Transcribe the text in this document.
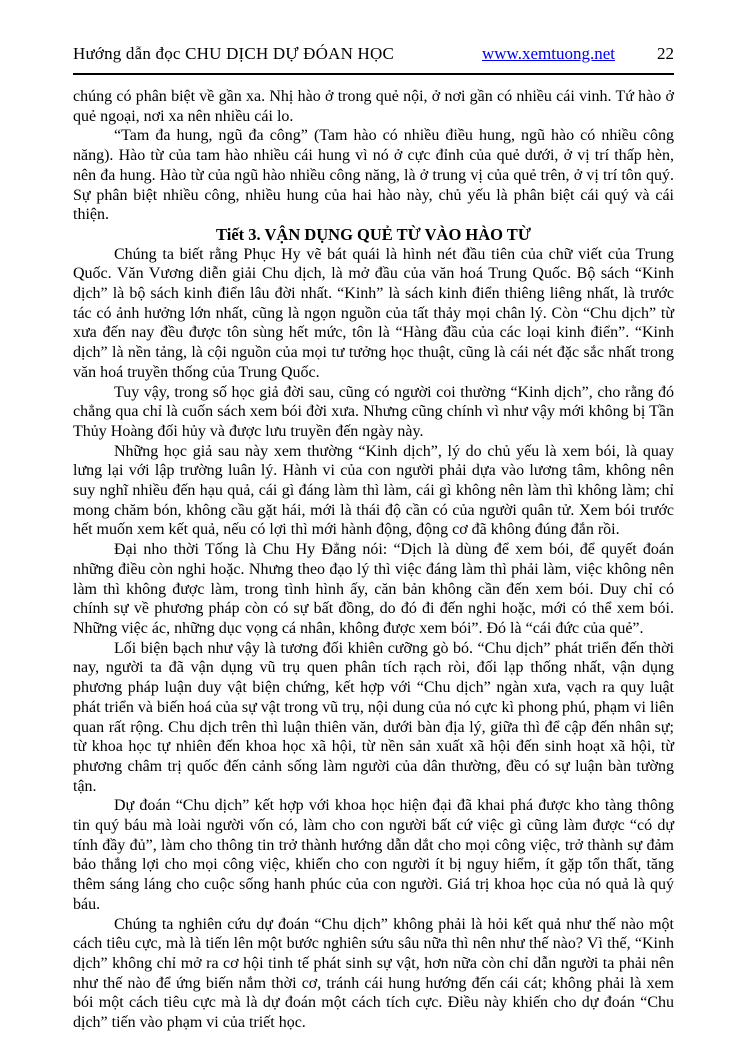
Hướng dẫn đọc CHU DỊCH DỰ ĐÓAN HỌC	www.xemtuong.net 22

chúng có phân biệt về gần xa. Nhị hào ở trong quẻ nội, ở nơi gần có nhiều cái vinh. Tứ hào ở quẻ ngoại, nơi xa nên nhiều cái lo.

“Tam đa hung, ngũ đa công” (Tam hào có nhiều điều hung, ngũ hào có nhiều công năng). Hào từ của tam hào nhiều cái hung vì nó ở cực đỉnh của quẻ dưới, ở vị trí thấp hèn, nên đa hung. Hào từ của ngũ hào nhiều công năng, là ở trung vị của quẻ trên, ở vị trí tôn quý. Sự phân biệt nhiều công, nhiều hung của hai hào này, chủ yếu là phân biệt cái quý và cái thiện.

Tiết 3. VẬN DỤNG QUẺ TỪ VÀO HÀO TỪ

Chúng ta biết rằng Phục Hy vẽ bát quái là hình nét đầu tiên của chữ viết của Trung Quốc. Văn Vương diễn giải Chu dịch, là mở đầu của văn hoá Trung Quốc. Bộ sách “Kinh dịch” là bộ sách kinh điển lâu đời nhất. “Kinh” là sách kinh điển thiêng liêng nhất, là trước tác có ảnh hưởng lớn nhất, cũng là ngọn nguồn của tất thảy mọi chân lý. Còn “Chu dịch” từ xưa đến nay đều được tôn sùng hết mức, tôn là “Hàng đầu của các loại kinh điển”. “Kinh dịch” là nền tảng, là cội nguồn của mọi tư tưởng học thuật, cũng là cái nét đặc sắc nhất trong văn hoá truyền thống của Trung Quốc.

Tuy vậy, trong số học giả đời sau, cũng có người coi thường “Kinh dịch”, cho rằng đó chẳng qua chỉ là cuốn sách xem bói đời xưa. Nhưng cũng chính vì như vậy mới không bị Tần Thủy Hoàng đối hủy và được lưu truyền đến ngày này.

Những học giả sau này xem thường “Kinh dịch”, lý do chủ yếu là xem bói, là quay lưng lại với lập trường luân lý. Hành vi của con người phải dựa vào lương tâm, không nên suy nghĩ nhiều đến hạu quả, cái gì đáng làm thì làm, cái gì không nên làm thì không làm; chỉ mong chăm bón, không cầu gặt hái, mới là thái độ cần có của người quân tử. Xem bói trước hết muốn xem kết quả, nếu có lợi thì mới hành động, động cơ đã không đúng đắn rồi.

Đại nho thời Tống là Chu Hy Đẳng nói: “Dịch là dùng để xem bói, để quyết đoán những điều còn nghi hoặc. Nhưng theo đạo lý thì việc đáng làm thì phải làm, việc không nên làm thì không được làm, trong tình hình ấy, căn bản không cần đến xem bói. Duy chỉ có chính sự về phương pháp còn có sự bất đồng, do đó đi đến nghi hoặc, mới có thể xem bói. Những việc ác, những dục vọng cá nhân, không được xem bói”. Đó là “cái đức của quẻ”.

Lối biện bạch như vậy là tương đối khiên cưỡng gò bó. “Chu dịch” phát triển đến thời nay, người ta đã vận dụng vũ trụ quen phân tích rạch ròi, đối lạp thống nhất, vận dụng phương pháp luận duy vật biện chứng, kết hợp với “Chu dịch” ngàn xưa, vạch ra quy luật phát triển và biến hoá của sự vật trong vũ trụ, nội dung của nó cực kì phong phú, phạm vi liên quan rất rộng. Chu dịch trên thì luận thiên văn, dưới bàn địa lý, giữa thì để cập đến nhân sự; từ khoa học tự nhiên đến khoa học xã hội, từ nền sản xuất xã hội đến sinh hoạt xã hội, từ phương châm trị quốc đến cảnh sống làm người của dân thường, đều có sự luận bàn tường tận.

Dự đoán “Chu dịch” kết hợp với khoa học hiện đại đã khai phá được kho tàng thông tin quý báu mà loài người vốn có, làm cho con người bất cứ việc gì cũng làm được “có dự tính đầy đủ”, làm cho thông tin trở thành hướng dẫn dắt cho mọi công việc, trở thành sự đảm bảo thắng lợi cho mọi công việc, khiến cho con người ít bị nguy hiểm, ít gặp tổn thất, tăng thêm sáng láng cho cuộc sống hanh phúc của con người. Giá trị khoa học của nó quả là quý báu.

Chúng ta nghiên cứu dự đoán “Chu dịch” không phải là hỏi kết quả như thế nào một cách tiêu cực, mà là tiến lên một bước nghiên sứu sâu nữa thì nên như thế nào? Vì thế, “Kinh dịch” không chỉ mở ra cơ hội tinh tế phát sinh sự vật, hơn nữa còn chỉ dẫn người ta phải nên như thế nào để ứng biến nắm thời cơ, tránh cái hung hướng đến cái cát; không phải là xem bói một cách tiêu cực mà là dự đoán một cách tích cực. Điều này khiến cho dự đoán “Chu dịch” tiến vào phạm vi của triết học.
